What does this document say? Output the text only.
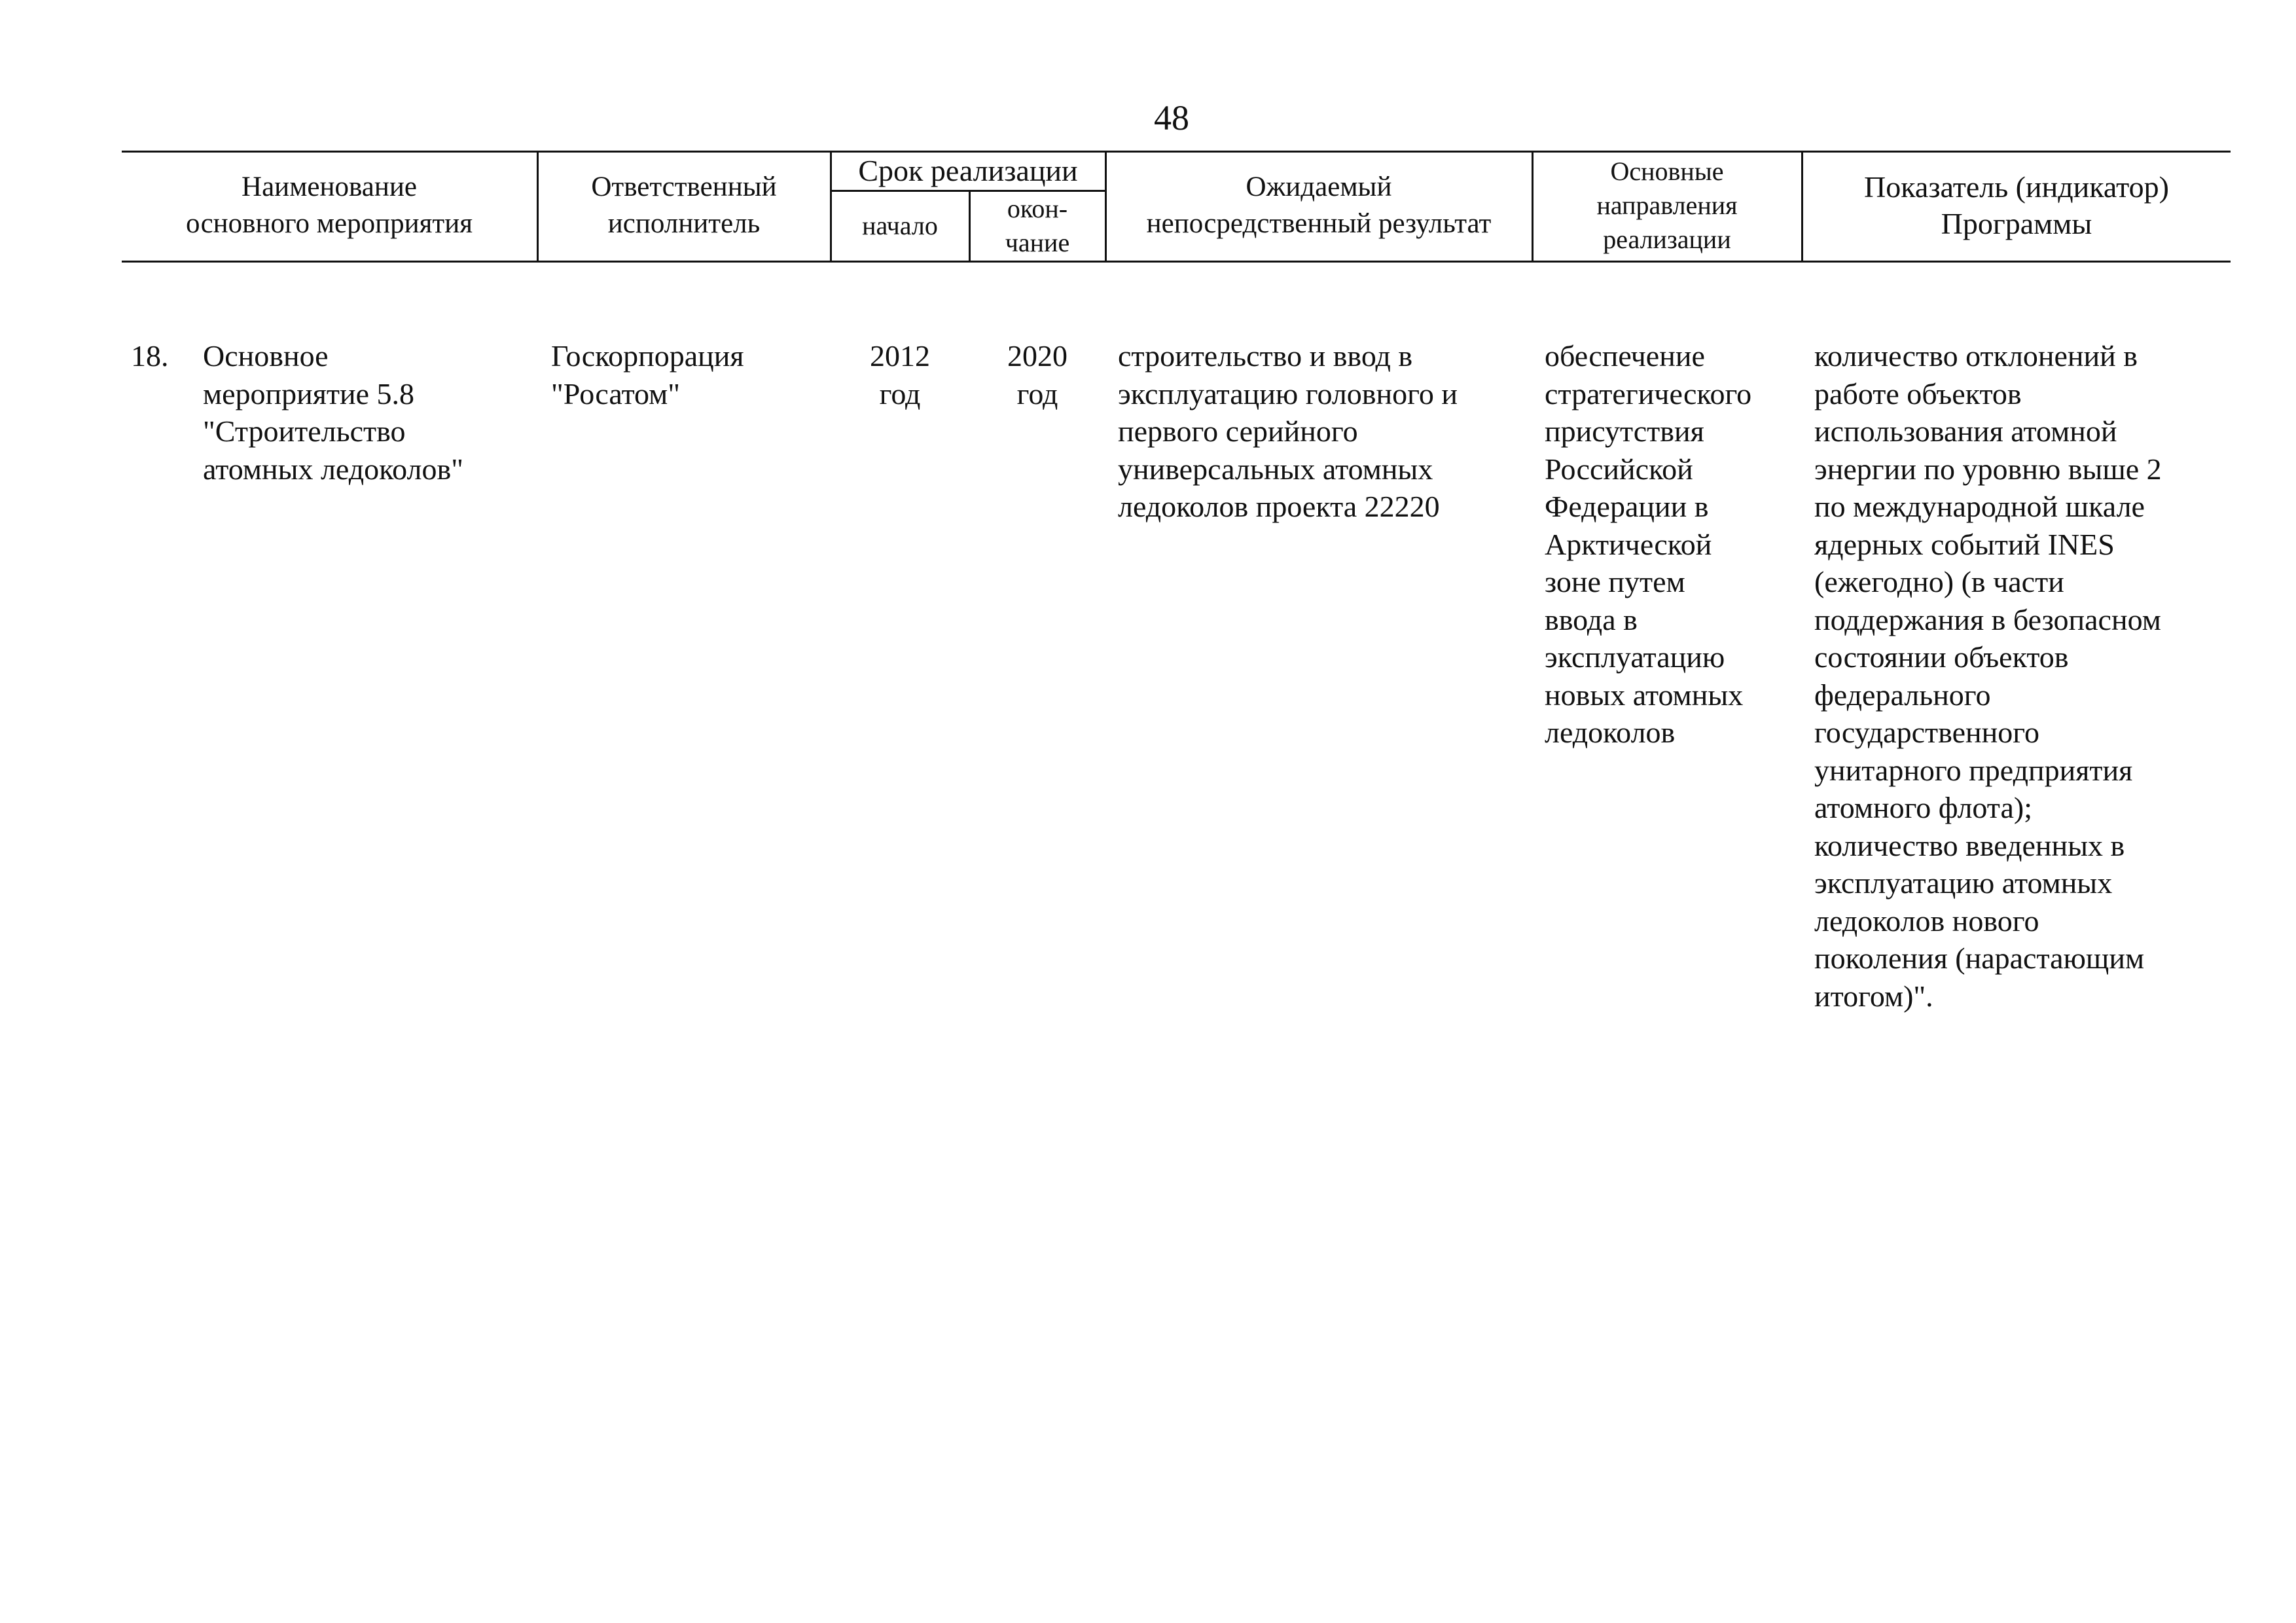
48
Наименование
основного мероприятия
Ответственный
исполнитель
Срок реализации
начало
окон-
чание
Ожидаемый
непосредственный результат
Основные
направления
реализации
Показатель (индикатор)
Программы
18. Основное
мероприятие 5.8
"Строительство
атомных ледоколов"
Госкорпорация
"Росатом"
2012
год
2020
год
строительство и ввод в
эксплуатацию головного и
первого серийного
универсальных атомных
ледоколов проекта 22220
обеспечение
стратегического
присутствия
Российской
Федерации в
Арктической
зоне путем
ввода в
эксплуатацию
новых атомных
ледоколов
количество отклонений в
работе объектов
использования атомной
энергии по уровню выше 2
по международной шкале
ядерных событий INES
(ежегодно) (в части
поддержания в безопасном
состоянии объектов
федерального
государственного
унитарного предприятия
атомного флота);
количество введенных в
эксплуатацию атомных
ледоколов нового
поколения (нарастающим
итогом)".
